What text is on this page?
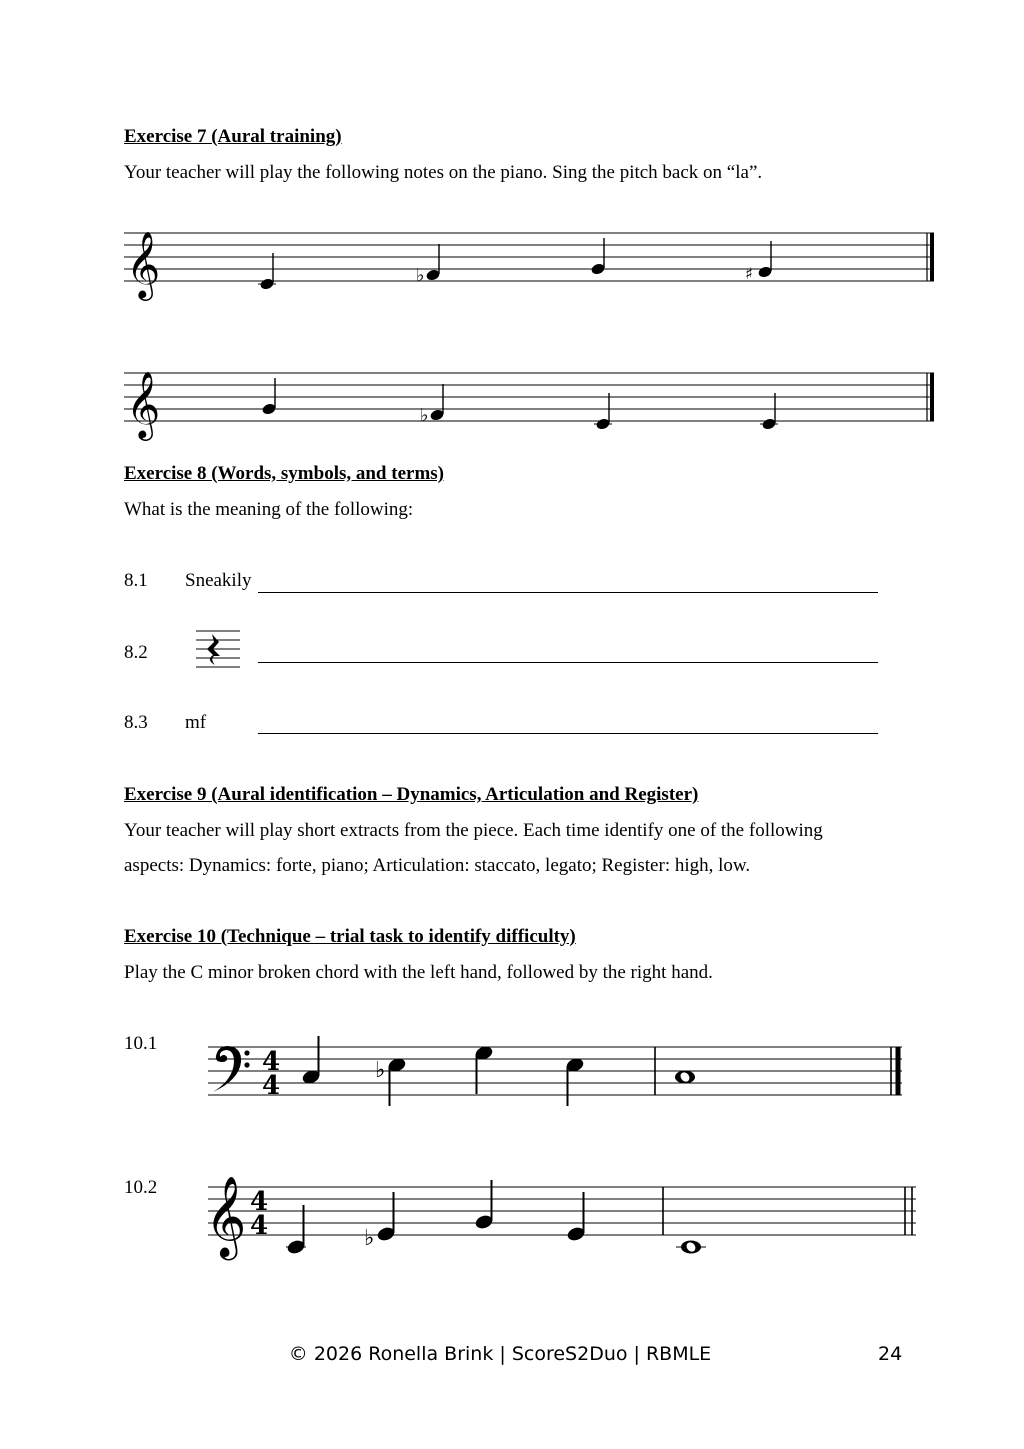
Exercise 7 (Aural training)
Your teacher will play the following notes on the piano. Sing the pitch back on “la”.
𝄞	♭	♯
𝄞	♭
Exercise 8 (Words, symbols, and terms)
What is the meaning of the following:
8.1 Sneakily
8.2
8.3 mf
Exercise 9 (Aural identification – Dynamics, Articulation and Register)
Your teacher will play short extracts from the piece. Each time identify one of the following
aspects: Dynamics: forte, piano; Articulation: staccato, legato; Register: high, low.
Exercise 10 (Technique – trial task to identify difficulty)
Play the C minor broken chord with the left hand, followed by the right hand.
10.1
4
4
♭
10.2 𝄞 4
4	♭
© 2026 Ronella Brink | ScoreS2Duo | RBMLE	24
